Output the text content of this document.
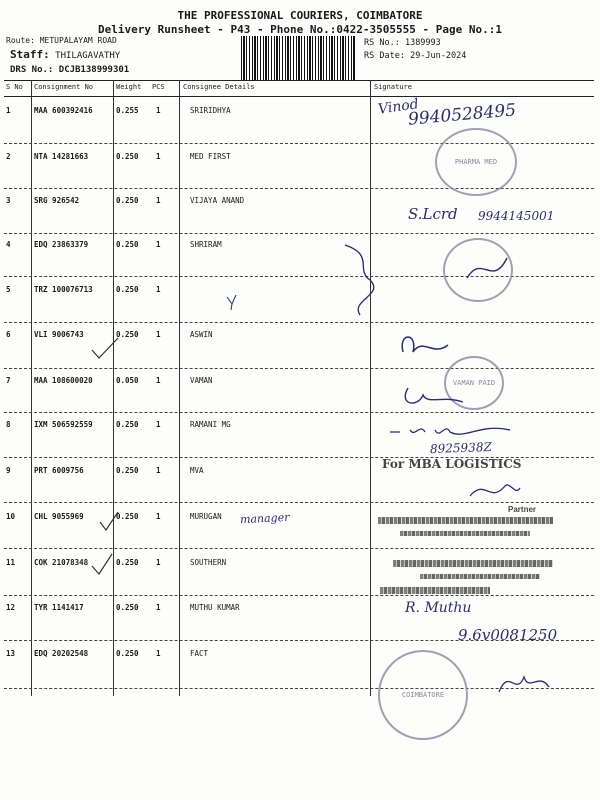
THE PROFESSIONAL COURIERS, COIMBATORE
Delivery Runsheet - P43 - Phone No.:0422-3505555 - Page No.:1
Route: METUPALAYAM ROAD
Staff: THILAGAVATHY
DRS No.: DCJB138999301
RS No.: 1389993
RS Date: 29-Jun-2024
S No Consignment No	Weight PCS	Consignee Details	Signature
1	MAA 600392416	0.255 1	SRIRIDHYA
2	NTA 14281663	0.250 1	MED FIRST
3	SRG 926542	0.250 1	VIJAYA ANAND
4	EDQ 23863379	0.250 1	SHRIRAM
5	TRZ 100076713	0.250 1
6	VLI 9006743	0.250 1	ASWIN
7	MAA 108600020	0.050 1	VAMAN
8	IXM 506592559	0.250 1	RAMANI MG
9	PRT 6009756	0.250 1	MVA
10	CHL 9055969	0.250 1	MURUGAN
11	COK 21078348	0.250 1	SOUTHERN
12	TYR 1141417	0.250 1	MUTHU KUMAR
13	EDQ 20202548	0.250 1	FACT
Vinod
9940528495
PHARMA MED
S.Lcrd 9944145001
VAMAN PAID
8925938Z
For MBA LOGISTICS
Partner
manager
R. Muthu
9.6v0081250
COIMBATORE
